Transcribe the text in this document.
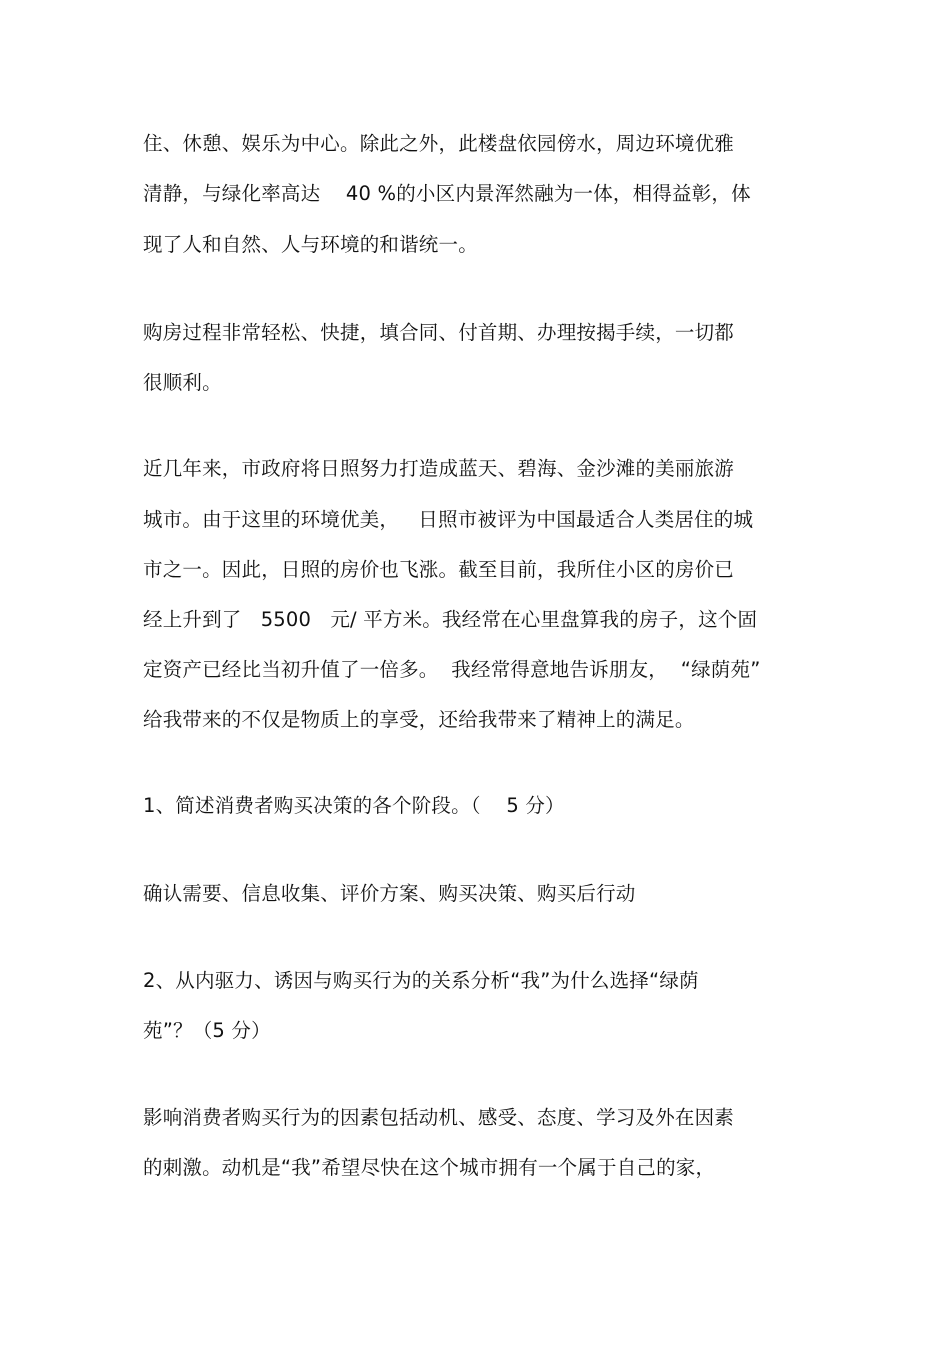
住、休憩、娱乐为中心。除此之外，此楼盘依园傍水，周边环境优雅
清静，与绿化率高达    40 %的小区内景浑然融为一体，相得益彰，体
现了人和自然、人与环境的和谐统一。
购房过程非常轻松、快捷，填合同、付首期、办理按揭手续，一切都
很顺利。
近几年来，市政府将日照努力打造成蓝天、碧海、金沙滩的美丽旅游
城市。由于这里的环境优美，   日照市被评为中国最适合人类居住的城
市之一。因此，日照的房价也飞涨。截至目前，我所住小区的房价已
经上升到了   5500   元/ 平方米。我经常在心里盘算我的房子，这个固
定资产已经比当初升值了一倍多。  我经常得意地告诉朋友，  “绿荫苑”
给我带来的不仅是物质上的享受，还给我带来了精神上的满足。
1、简述消费者购买决策的各个阶段。（    5 分）
确认需要、信息收集、评价方案、购买决策、购买后行动
2、从内驱力、诱因与购买行为的关系分析“我”为什么选择“绿荫
苑”？（5 分）
影响消费者购买行为的因素包括动机、感受、态度、学习及外在因素
的刺激。动机是“我”希望尽快在这个城市拥有一个属于自己的家，
